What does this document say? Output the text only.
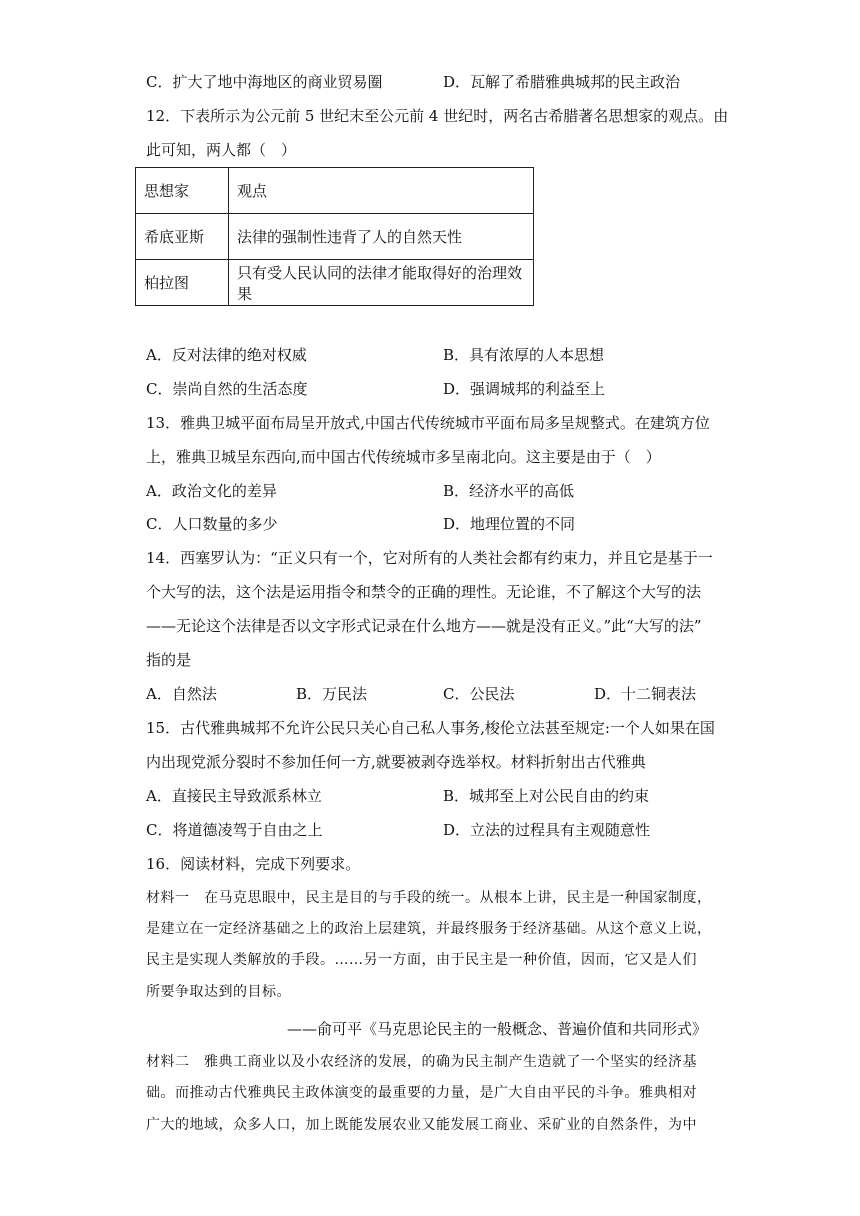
C．扩大了地中海地区的商业贸易圈	D．瓦解了希腊雅典城邦的民主政治
12．下表所示为公元前 5 世纪末至公元前 4 世纪时，两名古希腊著名思想家的观点。由
此可知，两人都（　）
思想家	观点
希底亚斯	法律的强制性违背了人的自然天性
柏拉图	只有受人民认同的法律才能取得好的治理效果
A．反对法律的绝对权威	B．具有浓厚的人本思想
C．崇尚自然的生活态度	D．强调城邦的利益至上
13．雅典卫城平面布局呈开放式,中国古代传统城市平面布局多呈规整式。在建筑方位
上，雅典卫城呈东西向,而中国古代传统城市多呈南北向。这主要是由于（　）
A．政治文化的差异	B．经济水平的高低
C．人口数量的多少	D．地理位置的不同
14．西塞罗认为：“正义只有一个，它对所有的人类社会都有约束力，并且它是基于一
个大写的法，这个法是运用指令和禁令的正确的理性。无论谁，不了解这个大写的法
——无论这个法律是否以文字形式记录在什么地方——就是没有正义。”此“大写的法”
指的是
A．自然法	B．万民法	C．公民法	D．十二铜表法
15．古代雅典城邦不允许公民只关心自己私人事务,梭伦立法甚至规定:一个人如果在国
内出现党派分裂时不参加任何一方,就要被剥夺选举权。材料折射出古代雅典
A．直接民主导致派系林立	B．城邦至上对公民自由的约束
C．将道德凌驾于自由之上	D．立法的过程具有主观随意性
16．阅读材料，完成下列要求。
材料一　在马克思眼中，民主是目的与手段的统一。从根本上讲，民主是一种国家制度，
是建立在一定经济基础之上的政治上层建筑，并最终服务于经济基础。从这个意义上说，
民主是实现人类解放的手段。……另一方面，由于民主是一种价值，因而，它又是人们
所要争取达到的目标。
——俞可平《马克思论民主的一般概念、普遍价值和共同形式》
材料二　雅典工商业以及小农经济的发展，的确为民主制产生造就了一个坚实的经济基
础。而推动古代雅典民主政体演变的最重要的力量，是广大自由平民的斗争。雅典相对
广大的地域，众多人口，加上既能发展农业又能发展工商业、采矿业的自然条件，为中
